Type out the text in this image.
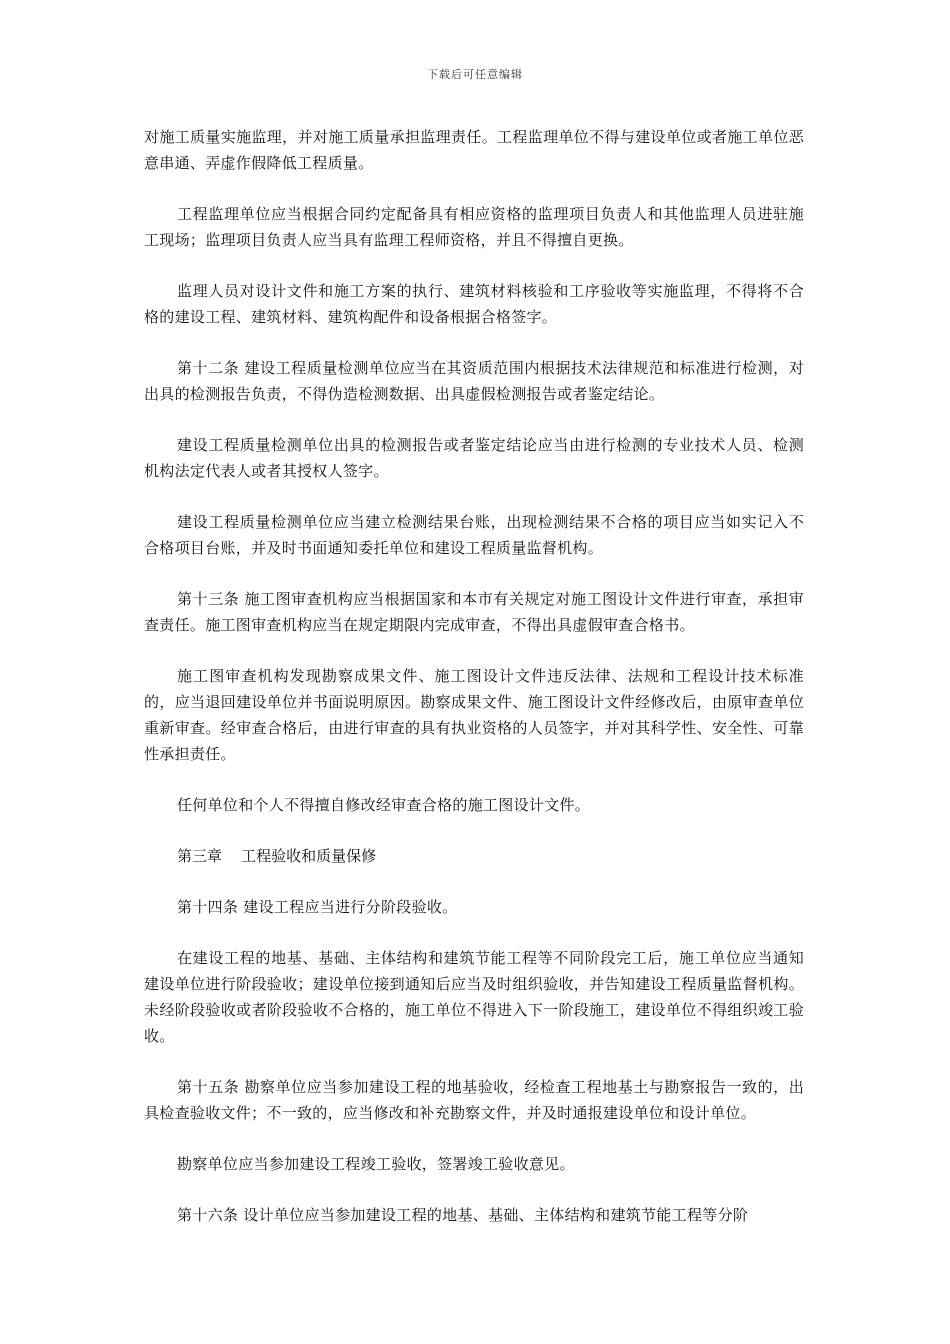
下载后可任意编辑

对施工质量实施监理，并对施工质量承担监理责任。工程监理单位不得与建设单位或者施工单位恶意串通、弄虚作假降低工程质量。

工程监理单位应当根据合同约定配备具有相应资格的监理项目负责人和其他监理人员进驻施工现场；监理项目负责人应当具有监理工程师资格，并且不得擅自更换。

监理人员对设计文件和施工方案的执行、建筑材料核验和工序验收等实施监理，不得将不合格的建设工程、建筑材料、建筑构配件和设备根据合格签字。

第十二条 建设工程质量检测单位应当在其资质范围内根据技术法律规范和标准进行检测，对出具的检测报告负责，不得伪造检测数据、出具虚假检测报告或者鉴定结论。

建设工程质量检测单位出具的检测报告或者鉴定结论应当由进行检测的专业技术人员、检测机构法定代表人或者其授权人签字。

建设工程质量检测单位应当建立检测结果台账，出现检测结果不合格的项目应当如实记入不合格项目台账，并及时书面通知委托单位和建设工程质量监督机构。

第十三条 施工图审查机构应当根据国家和本市有关规定对施工图设计文件进行审查，承担审查责任。施工图审查机构应当在规定期限内完成审查，不得出具虚假审查合格书。

施工图审查机构发现勘察成果文件、施工图设计文件违反法律、法规和工程设计技术标准的，应当退回建设单位并书面说明原因。勘察成果文件、施工图设计文件经修改后，由原审查单位重新审查。经审查合格后，由进行审查的具有执业资格的人员签字，并对其科学性、安全性、可靠性承担责任。

任何单位和个人不得擅自修改经审查合格的施工图设计文件。

第三章    工程验收和质量保修

第十四条 建设工程应当进行分阶段验收。

在建设工程的地基、基础、主体结构和建筑节能工程等不同阶段完工后，施工单位应当通知建设单位进行阶段验收；建设单位接到通知后应当及时组织验收，并告知建设工程质量监督机构。未经阶段验收或者阶段验收不合格的，施工单位不得进入下一阶段施工，建设单位不得组织竣工验收。

第十五条 勘察单位应当参加建设工程的地基验收，经检查工程地基土与勘察报告一致的，出具检查验收文件；不一致的，应当修改和补充勘察文件，并及时通报建设单位和设计单位。

勘察单位应当参加建设工程竣工验收，签署竣工验收意见。

第十六条 设计单位应当参加建设工程的地基、基础、主体结构和建筑节能工程等分阶
